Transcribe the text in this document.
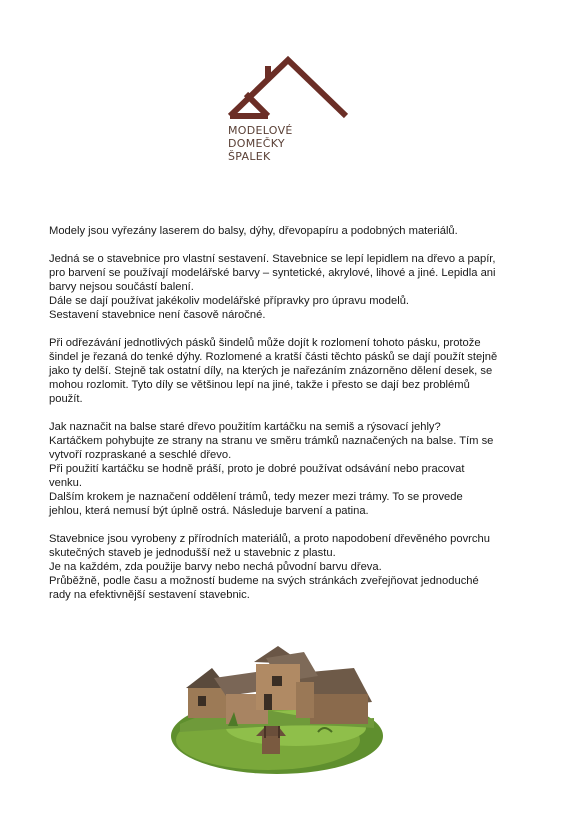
MODELOVÉ
DOMEČKY
ŠPALEK
Modely jsou vyřezány laserem do balsy, dýhy, dřevopapíru a podobných materiálů.
Jedná se o stavebnice pro vlastní sestavení. Stavebnice se lepí lepidlem na dřevo a papír,
pro barvení se používají modelářské barvy – syntetické, akrylové, lihové a jiné. Lepidla ani
barvy nejsou součástí balení.
Dále se dají používat jakékoliv modelářské přípravky pro úpravu modelů.
Sestavení stavebnice není časově náročné.
Při odřezávání jednotlivých pásků šindelů může dojít k rozlomení tohoto pásku, protože
šindel je řezaná do tenké dýhy. Rozlomené a kratší části těchto pásků se dají použít stejně
jako ty delší. Stejně tak ostatní díly, na kterých je nařezáním znázorněno dělení desek, se
mohou rozlomit. Tyto díly se většinou lepí na jiné, takže i přesto se dají bez problémů
použít.
Jak naznačit na balse staré dřevo použitím kartáčku na semiš a rýsovací jehly?
Kartáčkem pohybujte ze strany na stranu ve směru trámků naznačených na balse. Tím se
vytvoří rozpraskané a seschlé dřevo.
Při použití kartáčku se hodně práší, proto je dobré používat odsávání nebo pracovat
venku.
Dalším krokem je naznačení oddělení trámů, tedy mezer mezi trámy. To se provede
jehlou, která nemusí být úplně ostrá. Následuje barvení a patina.
Stavebnice jsou vyrobeny z přírodních materiálů, a proto napodobení dřevěného povrchu
skutečných staveb je jednodušší než u stavebnic z plastu.
Je na každém, zda použije barvy nebo nechá původní barvu dřeva.
Průběžně, podle času a možností budeme na svých stránkách zveřejňovat jednoduché
rady na efektivnější sestavení stavebnic.
